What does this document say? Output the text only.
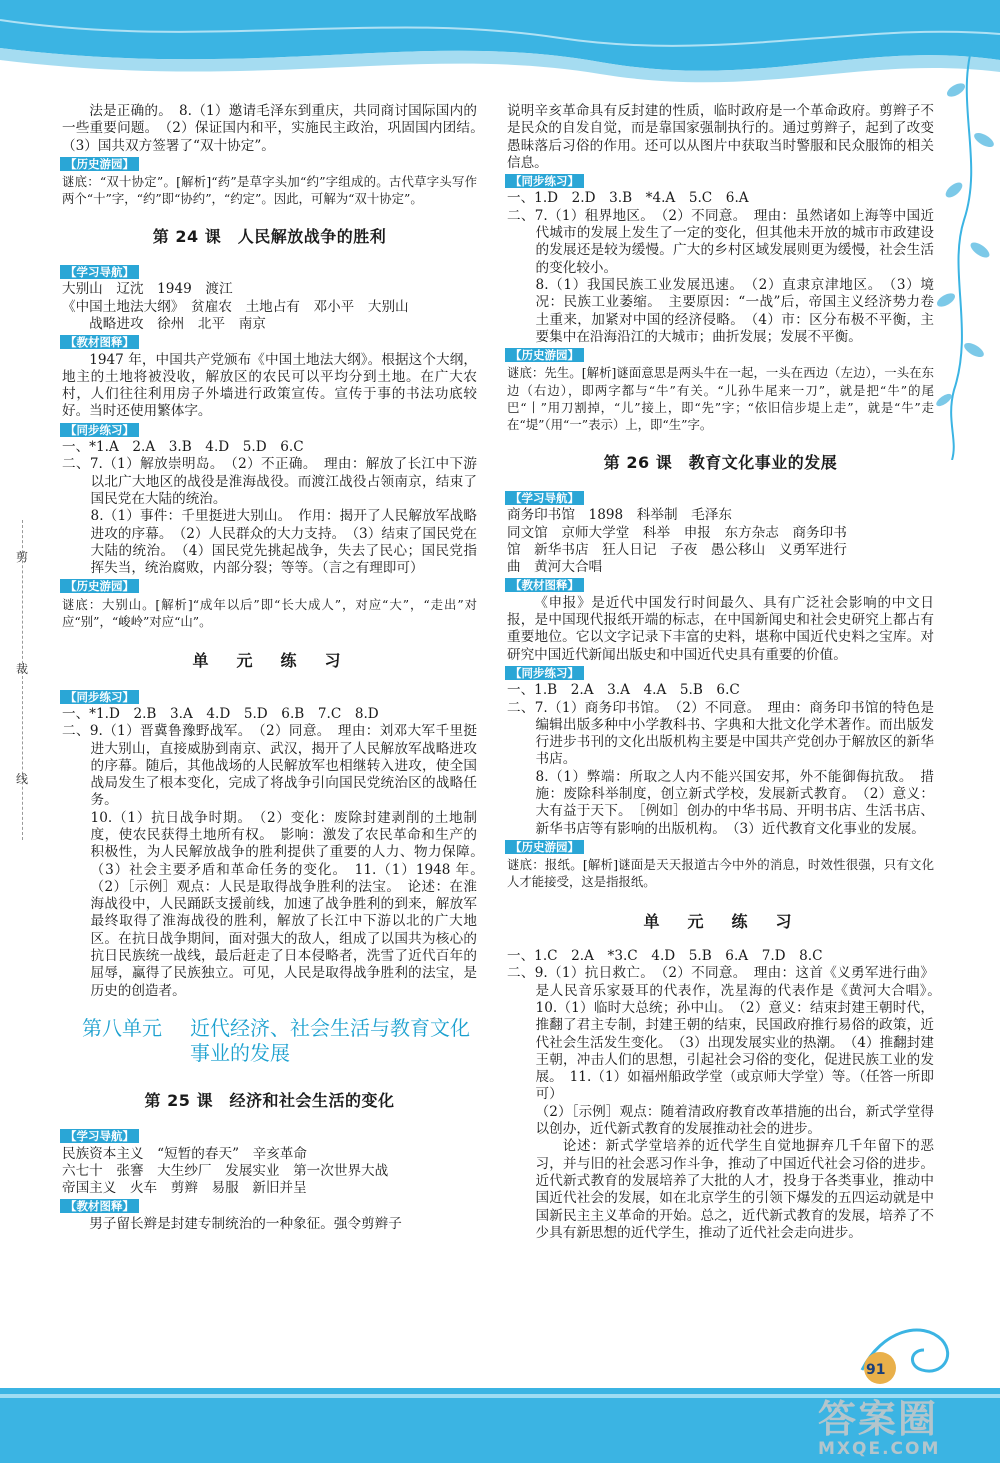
剪
裁
线

法是正确的。　8.（1）邀请毛泽东到重庆，共同商讨国际国内的一些重要问题。　（2）保证国内和平，实施民主政治，巩固国内团结。　（3）国共双方签署了“双十协定”。

【历史游园】

谜底：“双十协定”。[解析]“药”是草字头加“约”字组成的。古代草字头写作两个“十”字，“约”即“协约”，“约定”。因此，可解为“双十协定”。

第 24 课　人民解放战争的胜利
【学习导航】

大别山　辽沈　1949　渡江

《中国土地法大纲》　贫雇农　土地占有　邓小平　大别山

　　战略进攻　徐州　北平　南京

【教材图释】

1947 年，中国共产党颁布《中国土地法大纲》。根据这个大纲，地主的土地将被没收，解放区的农民可以平均分到土地。在广大农村，人们往往利用房子外墙进行政策宣传。宣传于事的书法功底较好。当时还使用繁体字。

【同步练习】

一、*1.A　2.A　3.B　4.D　5.D　6.C

二、7.（1）解放崇明岛。　（2）不正确。　理由：解放了长江中下游以北广大地区的战役是淮海战役。而渡江战役占领南京，结束了国民党在大陆的统治。

8.（1）事件：千里挺进大别山。　作用：揭开了人民解放军战略进攻的序幕。　（2）人民群众的大力支持。　（3）结束了国民党在大陆的统治。　（4）国民党先挑起战争，失去了民心；国民党指挥失当，统治腐败，内部分裂；等等。（言之有理即可）

【历史游园】

谜底：大别山。[解析]“成年以后”即“长大成人”，对应“大”，“走出”对应“别”，“峻岭”对应“山”。

单　元　练　习
【同步练习】

一、*1.D　2.B　3.A　4.D　5.D　6.B　7.C　8.D

二、9.（1）晋冀鲁豫野战军。　（2）同意。　理由：刘邓大军千里挺进大别山，直接威胁到南京、武汉，揭开了人民解放军战略进攻的序幕。随后，其他战场的人民解放军也相继转入进攻，使全国战局发生了根本变化，完成了将战争引向国民党统治区的战略任务。

10.（1）抗日战争时期。　（2）变化：废除封建剥削的土地制度，使农民获得土地所有权。　影响：激发了农民革命和生产的积极性，为人民解放战争的胜利提供了重要的人力、物力保障。　（3）社会主要矛盾和革命任务的变化。　11.（1）1948 年。　（2）［示例］观点：人民是取得战争胜利的法宝。　论述：在淮海战役中，人民踊跃支援前线，加速了战争胜利的到来，解放军最终取得了淮海战役的胜利，解放了长江中下游以北的广大地区。在抗日战争期间，面对强大的敌人，组成了以国共为核心的抗日民族统一战线，最后赶走了日本侵略者，洗雪了近代百年的屈辱，赢得了民族独立。可见，人民是取得战争胜利的法宝，是历史的创造者。

第八单元 近代经济、社会生活与教育文化事业的发展
第 25 课　经济和社会生活的变化
【学习导航】

民族资本主义　“短暂的春天”　辛亥革命

六七十　张謇　大生纱厂　发展实业　第一次世界大战

帝国主义　火车　剪辫　易服　新旧并呈

【教材图释】

男子留长辫是封建专制统治的一种象征。强令剪辫子

说明辛亥革命具有反封建的性质，临时政府是一个革命政府。剪辫子不是民众的自发自觉，而是靠国家强制执行的。通过剪辫子，起到了改变愚昧落后习俗的作用。还可以从图片中获取当时警服和民众服饰的相关信息。

【同步练习】

一、1.D　2.D　3.B　*4.A　5.C　6.A

二、7.（1）租界地区。　（2）不同意。　理由：虽然诸如上海等中国近代城市的发展上发生了一定的变化，但其他未开放的城市市政建设的发展还是较为缓慢。广大的乡村区域发展则更为缓慢，社会生活的变化较小。

8.（1）我国民族工业发展迅速。　（2）直隶京津地区。　（3）境况：民族工业萎缩。　主要原因：“一战”后，帝国主义经济势力卷土重来，加紧对中国的经济侵略。　（4）市：区分布极不平衡，主要集中在沿海沿江的大城市；曲折发展；发展不平衡。

【历史游园】

谜底：先生。[解析]谜面意思是两头牛在一起，一头在西边（左边），一头在东边（右边），即两字都与“牛”有关。“儿孙牛尾来一刀”，就是把“牛”的尾巴“丨”用刀割掉，“儿”接上，即“先”字；“依旧信步堤上走”，就是“牛”走在“堤”（用“一”表示）上，即“生”字。

第 26 课　教育文化事业的发展
【学习导航】

商务印书馆　1898　科举制　毛泽东

同文馆　京师大学堂　科举　申报　东方杂志　商务印书

馆　新华书店　狂人日记　子夜　愚公移山　义勇军进行

曲　黄河大合唱

【教材图释】

《申报》是近代中国发行时间最久、具有广泛社会影响的中文日报，是中国现代报纸开端的标志，在中国新闻史和社会史研究上都占有重要地位。它以文字记录下丰富的史料，堪称中国近代史料之宝库。对研究中国近代新闻出版史和中国近代史具有重要的价值。

【同步练习】

一、1.B　2.A　3.A　4.A　5.B　6.C

二、7.（1）商务印书馆。　（2）不同意。　理由：商务印书馆的特色是编辑出版多种中小学教科书、字典和大批文化学术著作。而出版发行进步书刊的文化出版机构主要是中国共产党创办于解放区的新华书店。

8.（1）弊端：所取之人内不能兴国安邦，外不能御侮抗敌。　措施：废除科举制度，创立新式学校，发展新式教育。　（2）意义：大有益于天下。　［例如］创办的中华书局、开明书店、生活书店、新华书店等有影响的出版机构。　（3）近代教育文化事业的发展。

【历史游园】

谜底：报纸。[解析]谜面是天天报道古今中外的消息，时效性很强，只有文化人才能接受，这是指报纸。

单　元　练　习

一、1.C　2.A　*3.C　4.D　5.B　6.A　7.D　8.C

二、9.（1）抗日救亡。　（2）不同意。　理由：这首《义勇军进行曲》是人民音乐家聂耳的代表作，冼星海的代表作是《黄河大合唱》。　10.（1）临时大总统；孙中山。　（2）意义：结束封建王朝时代，推翻了君主专制，封建王朝的结束，民国政府推行易俗的政策，近代社会生活发生变化。　（3）出现发展实业的热潮。　（4）推翻封建王朝，冲击人们的思想，引起社会习俗的变化，促进民族工业的发展。　11.（1）如福州船政学堂（或京师大学堂）等。（任答一所即可）

（2）［示例］观点：随着清政府教育改革措施的出台，新式学堂得以创办，近代新式教育的发展推动社会的进步。

论述：新式学堂培养的近代学生自觉地摒弃几千年留下的恶习，并与旧的社会恶习作斗争，推动了中国近代社会习俗的进步。近代新式教育的发展培养了大批的人才，投身于各类事业，推动中国近代社会的发展，如在北京学生的引领下爆发的五四运动就是中国新民主主义革命的开始。总之，近代新式教育的发展，培养了不少具有新思想的近代学生，推动了近代社会走向进步。

91
答案圈
MXQE.COM
